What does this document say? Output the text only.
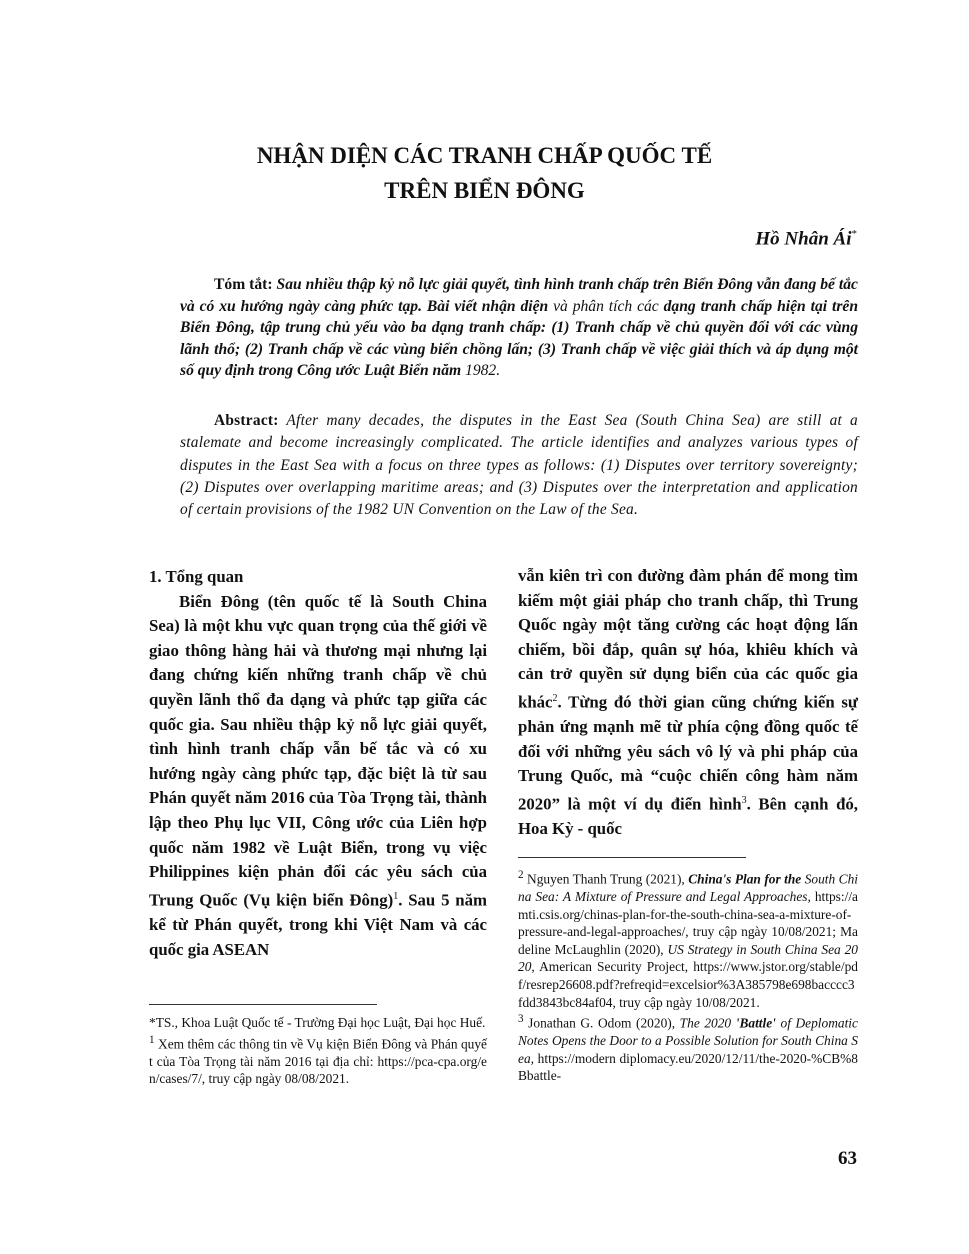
NHẬN DIỆN CÁC TRANH CHẤP QUỐC TẾ
TRÊN BIỂN ĐÔNG
Hồ Nhân Ái*
Tóm tắt: Sau nhiều thập kỷ nỗ lực giải quyết, tình hình tranh chấp trên Biển Đông vẫn đang bế tắc và có xu hướng ngày càng phức tạp. Bài viết nhận diện và phân tích các dạng tranh chấp hiện tại trên Biển Đông, tập trung chủ yếu vào ba dạng tranh chấp: (1) Tranh chấp về chủ quyền đối với các vùng lãnh thổ; (2) Tranh chấp về các vùng biển chồng lấn; (3) Tranh chấp về việc giải thích và áp dụng một số quy định trong Công ước Luật Biển năm 1982.
Abstract: After many decades, the disputes in the East Sea (South China Sea) are still at a stalemate and become increasingly complicated. The article identifies and analyzes various types of disputes in the East Sea with a focus on three types as follows: (1) Disputes over territory sovereignty; (2) Disputes over overlapping maritime areas; and (3) Disputes over the interpretation and application of certain provisions of the 1982 UN Convention on the Law of the Sea.

1. Tổng quan

Biển Đông (tên quốc tế là South China Sea) là một khu vực quan trọng của thế giới về giao thông hàng hải và thương mại nhưng lại đang chứng kiến những tranh chấp về chủ quyền lãnh thổ đa dạng và phức tạp giữa các quốc gia. Sau nhiều thập kỷ nỗ lực giải quyết, tình hình tranh chấp vẫn bế tắc và có xu hướng ngày càng phức tạp, đặc biệt là từ sau Phán quyết năm 2016 của Tòa Trọng tài, thành lập theo Phụ lục VII, Công ước của Liên hợp quốc năm 1982 về Luật Biển, trong vụ việc Philippines kiện phản đối các yêu sách của Trung Quốc (Vụ kiện biển Đông)$^1$. Sau 5 năm kể từ Phán quyết, trong khi Việt Nam và các quốc gia ASEAN

*TS., Khoa Luật Quốc tế - Trường Đại học Luật, Đại học Huế.

$^1$ Xem thêm các thông tin về Vụ kiện Biển Đông và Phán quyết của Tòa Trọng tài năm 2016 tại địa chỉ: https://pca-cpa.org/en/cases/7/, truy cập ngày 08/08/2021.

vẫn kiên trì con đường đàm phán để mong tìm kiếm một giải pháp cho tranh chấp, thì Trung Quốc ngày một tăng cường các hoạt động lấn chiếm, bồi đắp, quân sự hóa, khiêu khích và cản trở quyền sử dụng biển của các quốc gia khác$^2$. Từng đó thời gian cũng chứng kiến sự phản ứng mạnh mẽ từ phía cộng đồng quốc tế đối với những yêu sách vô lý và phi pháp của Trung Quốc, mà “cuộc chiến công hàm năm 2020” là một ví dụ điển hình$^3$. Bên cạnh đó, Hoa Kỳ - quốc

$^2$ Nguyen Thanh Trung (2021), China's Plan for the South China Sea: A Mixture of Pressure and Legal Approaches, https://amti.csis.org/chinas-plan-for-the-south-china-sea-a-mixture-of-pressure-and-legal-approaches/, truy cập ngày 10/08/2021; Madeline McLaughlin (2020), US Strategy in South China Sea 2020, American Security Project, https://www.jstor.org/stable/pdf/resrep26608.pdf?refreqid=excelsior%3A385798e698bacccc3fdd3843bc84af04, truy cập ngày 10/08/2021.

$^3$ Jonathan G. Odom (2020), The 2020 'Battle' of Deplomatic Notes Opens the Door to a Possible Solution for South China Sea, https://modern diplomacy.eu/2020/12/11/the-2020-%CB%8Bbattle-

63
